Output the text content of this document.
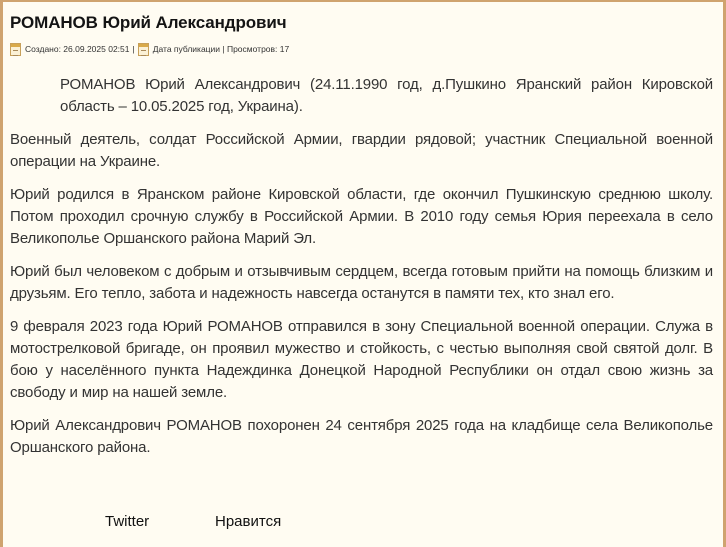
РОМАНОВ Юрий Александрович
Создано: 26.09.2025 02:51 | Дата публикации | Просмотров: 17

РОМАНОВ Юрий Александрович (24.11.1990 год, д.Пушкино Яранский район Кировской область – 10.05.2025 год, Украина).

Военный деятель, солдат Российской Армии, гвардии рядовой; участник Специальной военной операции на Украине.

Юрий родился в Яранском районе Кировской области, где окончил Пушкинскую среднюю школу. Потом проходил срочную службу в Российской Армии. В 2010 году семья Юрия переехала в село Великополье Оршанского района Марий Эл.

Юрий был человеком с добрым и отзывчивым сердцем, всегда готовым прийти на помощь близким и друзьям. Его тепло, забота и надежность навсегда останутся в памяти тех, кто знал его.

9 февраля 2023 года Юрий РОМАНОВ отправился в зону Специальной военной операции. Служа в мотострелковой бригаде, он проявил мужество и стойкость, с честью выполняя свой святой долг. В бою у населённого пункта Надеждинка Донецкой Народной Республики он отдал свою жизнь за свободу и мир на нашей земле.

Юрий Александрович РОМАНОВ похоронен 24 сентября 2025 года на кладбище села Великополье Оршанского района.

Twitter	Нравится
